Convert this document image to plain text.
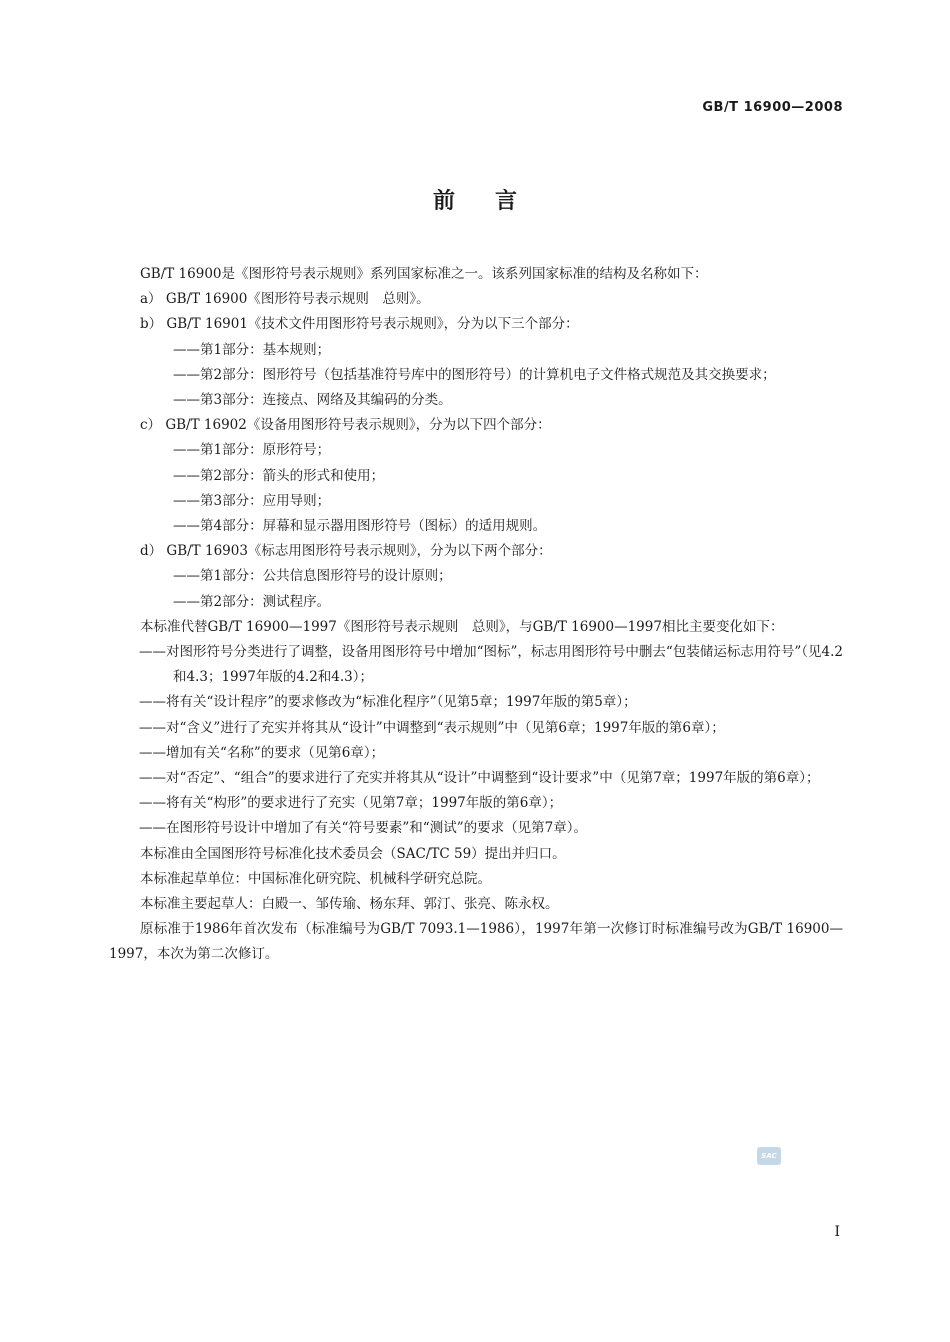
GB/T 16900—2008
前言
GB/T 16900是《图形符号表示规则》系列国家标准之一。该系列国家标准的结构及名称如下：
a） GB/T 16900《图形符号表示规则　总则》。
b） GB/T 16901《技术文件用图形符号表示规则》，分为以下三个部分：
——第1部分：基本规则；
——第2部分：图形符号（包括基准符号库中的图形符号）的计算机电子文件格式规范及其交换要求；
——第3部分：连接点、网络及其编码的分类。
c） GB/T 16902《设备用图形符号表示规则》，分为以下四个部分：
——第1部分：原形符号；
——第2部分：箭头的形式和使用；
——第3部分：应用导则；
——第4部分：屏幕和显示器用图形符号（图标）的适用规则。
d） GB/T 16903《标志用图形符号表示规则》，分为以下两个部分：
——第1部分：公共信息图形符号的设计原则；
——第2部分：测试程序。
本标准代替GB/T 16900—1997《图形符号表示规则　总则》，与GB/T 16900—1997相比主要变化如下：
——对图形符号分类进行了调整，设备用图形符号中增加“图标”，标志用图形符号中删去“包装储运标志用符号”（见4.2和4.3；1997年版的4.2和4.3）；
——将有关“设计程序”的要求修改为“标准化程序”（见第5章；1997年版的第5章）；
——对“含义”进行了充实并将其从“设计”中调整到“表示规则”中（见第6章；1997年版的第6章）；
——增加有关“名称”的要求（见第6章）；
——对“否定”、“组合”的要求进行了充实并将其从“设计”中调整到“设计要求”中（见第7章；1997年版的第6章）；
——将有关“构形”的要求进行了充实（见第7章；1997年版的第6章）；
——在图形符号设计中增加了有关“符号要素”和“测试”的要求（见第7章）。
本标准由全国图形符号标准化技术委员会（SAC/TC 59）提出并归口。
本标准起草单位：中国标准化研究院、机械科学研究总院。
本标准主要起草人：白殿一、邹传瑜、杨东拜、郭汀、张亮、陈永权。
原标准于1986年首次发布（标准编号为GB/T 7093.1—1986），1997年第一次修订时标准编号改为GB/T 16900—1997，本次为第二次修订。
SAC
I
